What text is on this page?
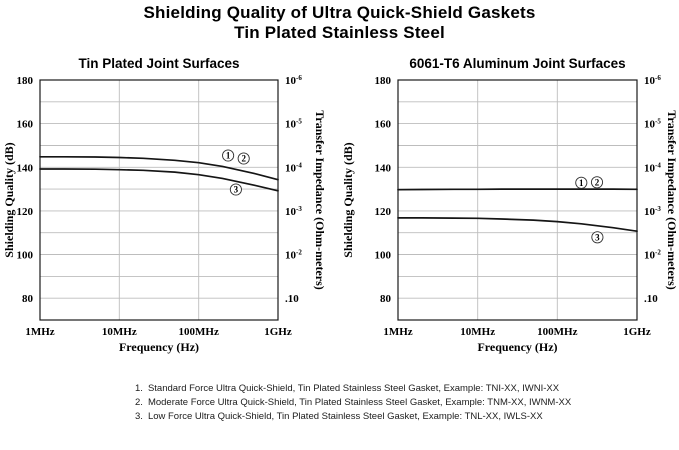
Shielding Quality of Ultra Quick-Shield Gaskets
Tin Plated Stainless Steel
1 2
3
180
160
140
120
100
80
$10^{-6}$
$10^{-5}$
$10^{-4}$
$10^{-3}$
$10^{-2}$
.10
1MHz	10MHz	100MHz	1GHz
Frequency (Hz)
Shielding Quality (dB)	Transfer Impedance (Ohm-meters)
Tin Plated Joint Surfaces
1 2
3
180
160
140
120
100
80
$10^{-6}$
$10^{-5}$
$10^{-4}$
$10^{-3}$
$10^{-2}$
.10
1MHz	10MHz	100MHz	1GHz
Frequency (Hz)
Shielding Quality (dB)	Transfer Impedance (Ohm-meters)
6061-T6 Aluminum Joint Surfaces
1. Standard Force Ultra Quick-Shield, Tin Plated Stainless Steel Gasket, Example: TNI-XX, IWNI-XX
2. Moderate Force Ultra Quick-Shield, Tin Plated Stainless Steel Gasket, Example: TNM-XX, IWNM-XX
3. Low Force Ultra Quick-Shield, Tin Plated Stainless Steel Gasket, Example: TNL-XX, IWLS-XX
